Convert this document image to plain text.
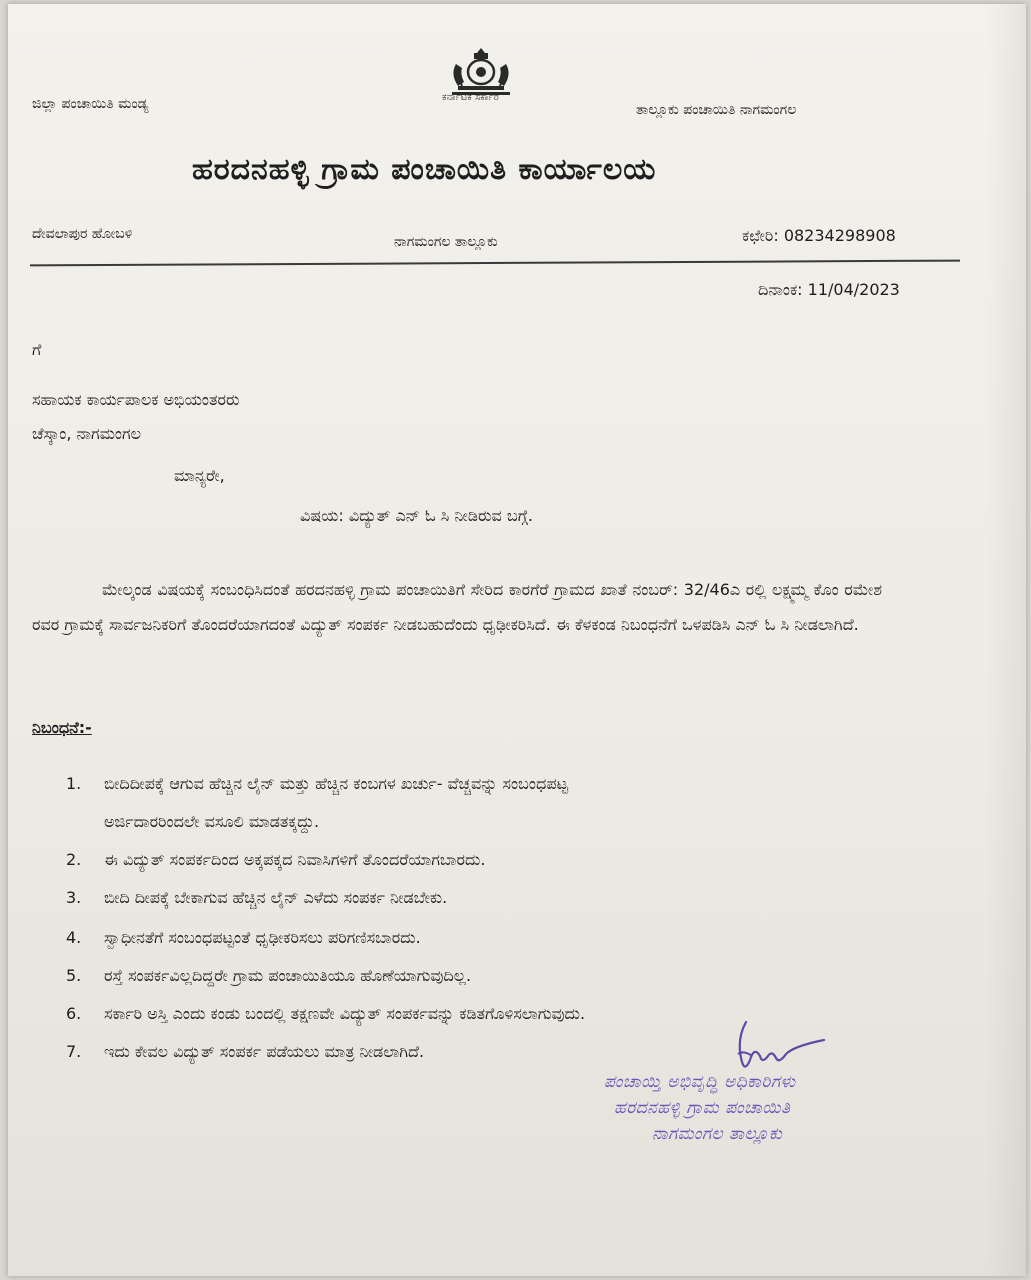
ಕರ್ನಾಟಕ ಸರ್ಕಾರ
ಜಿಲ್ಲಾ ಪಂಚಾಯಿತಿ ಮಂಡ್ಯ	ತಾಲ್ಲೂಕು ಪಂಚಾಯಿತಿ ನಾಗಮಂಗಲ
ಹರದನಹಳ್ಳಿ ಗ್ರಾಮ ಪಂಚಾಯಿತಿ ಕಾರ್ಯಾಲಯ
ದೇವಲಾಪುರ ಹೋಬಳಿ	ನಾಗಮಂಗಲ ತಾಲ್ಲೂಕು	ಕಛೇರಿ: 08234298908
ದಿನಾಂಕ: 11/04/2023
ಗೆ
ಸಹಾಯಕ ಕಾರ್ಯಪಾಲಕ ಅಭಿಯಂತರರು
ಚೆಸ್ಕಾಂ, ನಾಗಮಂಗಲ
ಮಾನ್ಯರೇ,
ವಿಷಯ: ವಿದ್ಯುತ್ ಎನ್ ಓ ಸಿ ನೀಡಿರುವ ಬಗ್ಗೆ.
ಮೇಲ್ಕಂಡ ವಿಷಯಕ್ಕೆ ಸಂಬಂಧಿಸಿದಂತೆ ಹರದನಹಳ್ಳಿ ಗ್ರಾಮ ಪಂಚಾಯಿತಿಗೆ ಸೇರಿದ ಕಾರಗೆರೆ ಗ್ರಾಮದ ಖಾತೆ ನಂಬರ್: 32/46ಎ ರಲ್ಲಿ ಲಕ್ಷ್ಮಮ್ಮ ಕೊಂ ರಮೇಶ ರವರ ಗ್ರಾಮಕ್ಕೆ ಸಾರ್ವಜನಿಕರಿಗೆ ತೊಂದರೆಯಾಗದಂತೆ ವಿದ್ಯುತ್ ಸಂಪರ್ಕ ನೀಡಬಹುದೆಂದು ಧೃಢೀಕರಿಸಿದೆ. ಈ ಕೆಳಕಂಡ ನಿಬಂಧನೆಗೆ ಒಳಪಡಿಸಿ ಎನ್ ಓ ಸಿ ನೀಡಲಾಗಿದೆ.
ನಿಬಂಧನೆ:-
1. ಬೀದಿದೀಪಕ್ಕೆ ಆಗುವ ಹೆಚ್ಚಿನ ಲೈನ್ ಮತ್ತು ಹೆಚ್ಚಿನ ಕಂಬಗಳ ಖರ್ಚು- ವೆಚ್ಚವನ್ನು ಸಂಬಂಧಪಟ್ಟ
ಅರ್ಜಿದಾರರಿಂದಲೇ ವಸೂಲಿ ಮಾಡತಕ್ಕದ್ದು.
2. ಈ ವಿದ್ಯುತ್ ಸಂಪರ್ಕದಿಂದ ಅಕ್ಕಪಕ್ಕದ ನಿವಾಸಿಗಳಿಗೆ ತೊಂದರೆಯಾಗಬಾರದು.
3. ಬೀದಿ ದೀಪಕ್ಕೆ ಬೇಕಾಗುವ ಹೆಚ್ಚಿನ ಲೈನ್ ಎಳೆದು ಸಂಪರ್ಕ ನೀಡಬೇಕು.
4. ಸ್ವಾಧೀನತೆಗೆ ಸಂಬಂಧಪಟ್ಟಂತೆ ಧೃಢೀಕರಿಸಲು ಪರಿಗಣಿಸಬಾರದು.
5. ರಸ್ತೆ ಸಂಪರ್ಕವಿಲ್ಲದಿದ್ದರೇ ಗ್ರಾಮ ಪಂಚಾಯಿತಿಯೂ ಹೊಣೆಯಾಗುವುದಿಲ್ಲ.
6. ಸರ್ಕಾರಿ ಅಸ್ತಿ ಎಂದು ಕಂಡು ಬಂದಲ್ಲಿ ತಕ್ಷಣವೇ ವಿದ್ಯುತ್ ಸಂಪರ್ಕವನ್ನು ಕಡಿತಗೊಳಿಸಲಾಗುವುದು.
7. ಇದು ಕೇವಲ ವಿದ್ಯುತ್ ಸಂಪರ್ಕ ಪಡೆಯಲು ಮಾತ್ರ ನೀಡಲಾಗಿದೆ.
ಪಂಚಾಯ್ತಿ ಅಭಿವೃದ್ಧಿ ಅಧಿಕಾರಿಗಳು
ಹರದನಹಳ್ಳಿ ಗ್ರಾಮ ಪಂಚಾಯಿತಿ
ನಾಗಮಂಗಲ ತಾಲ್ಲೂಕು
